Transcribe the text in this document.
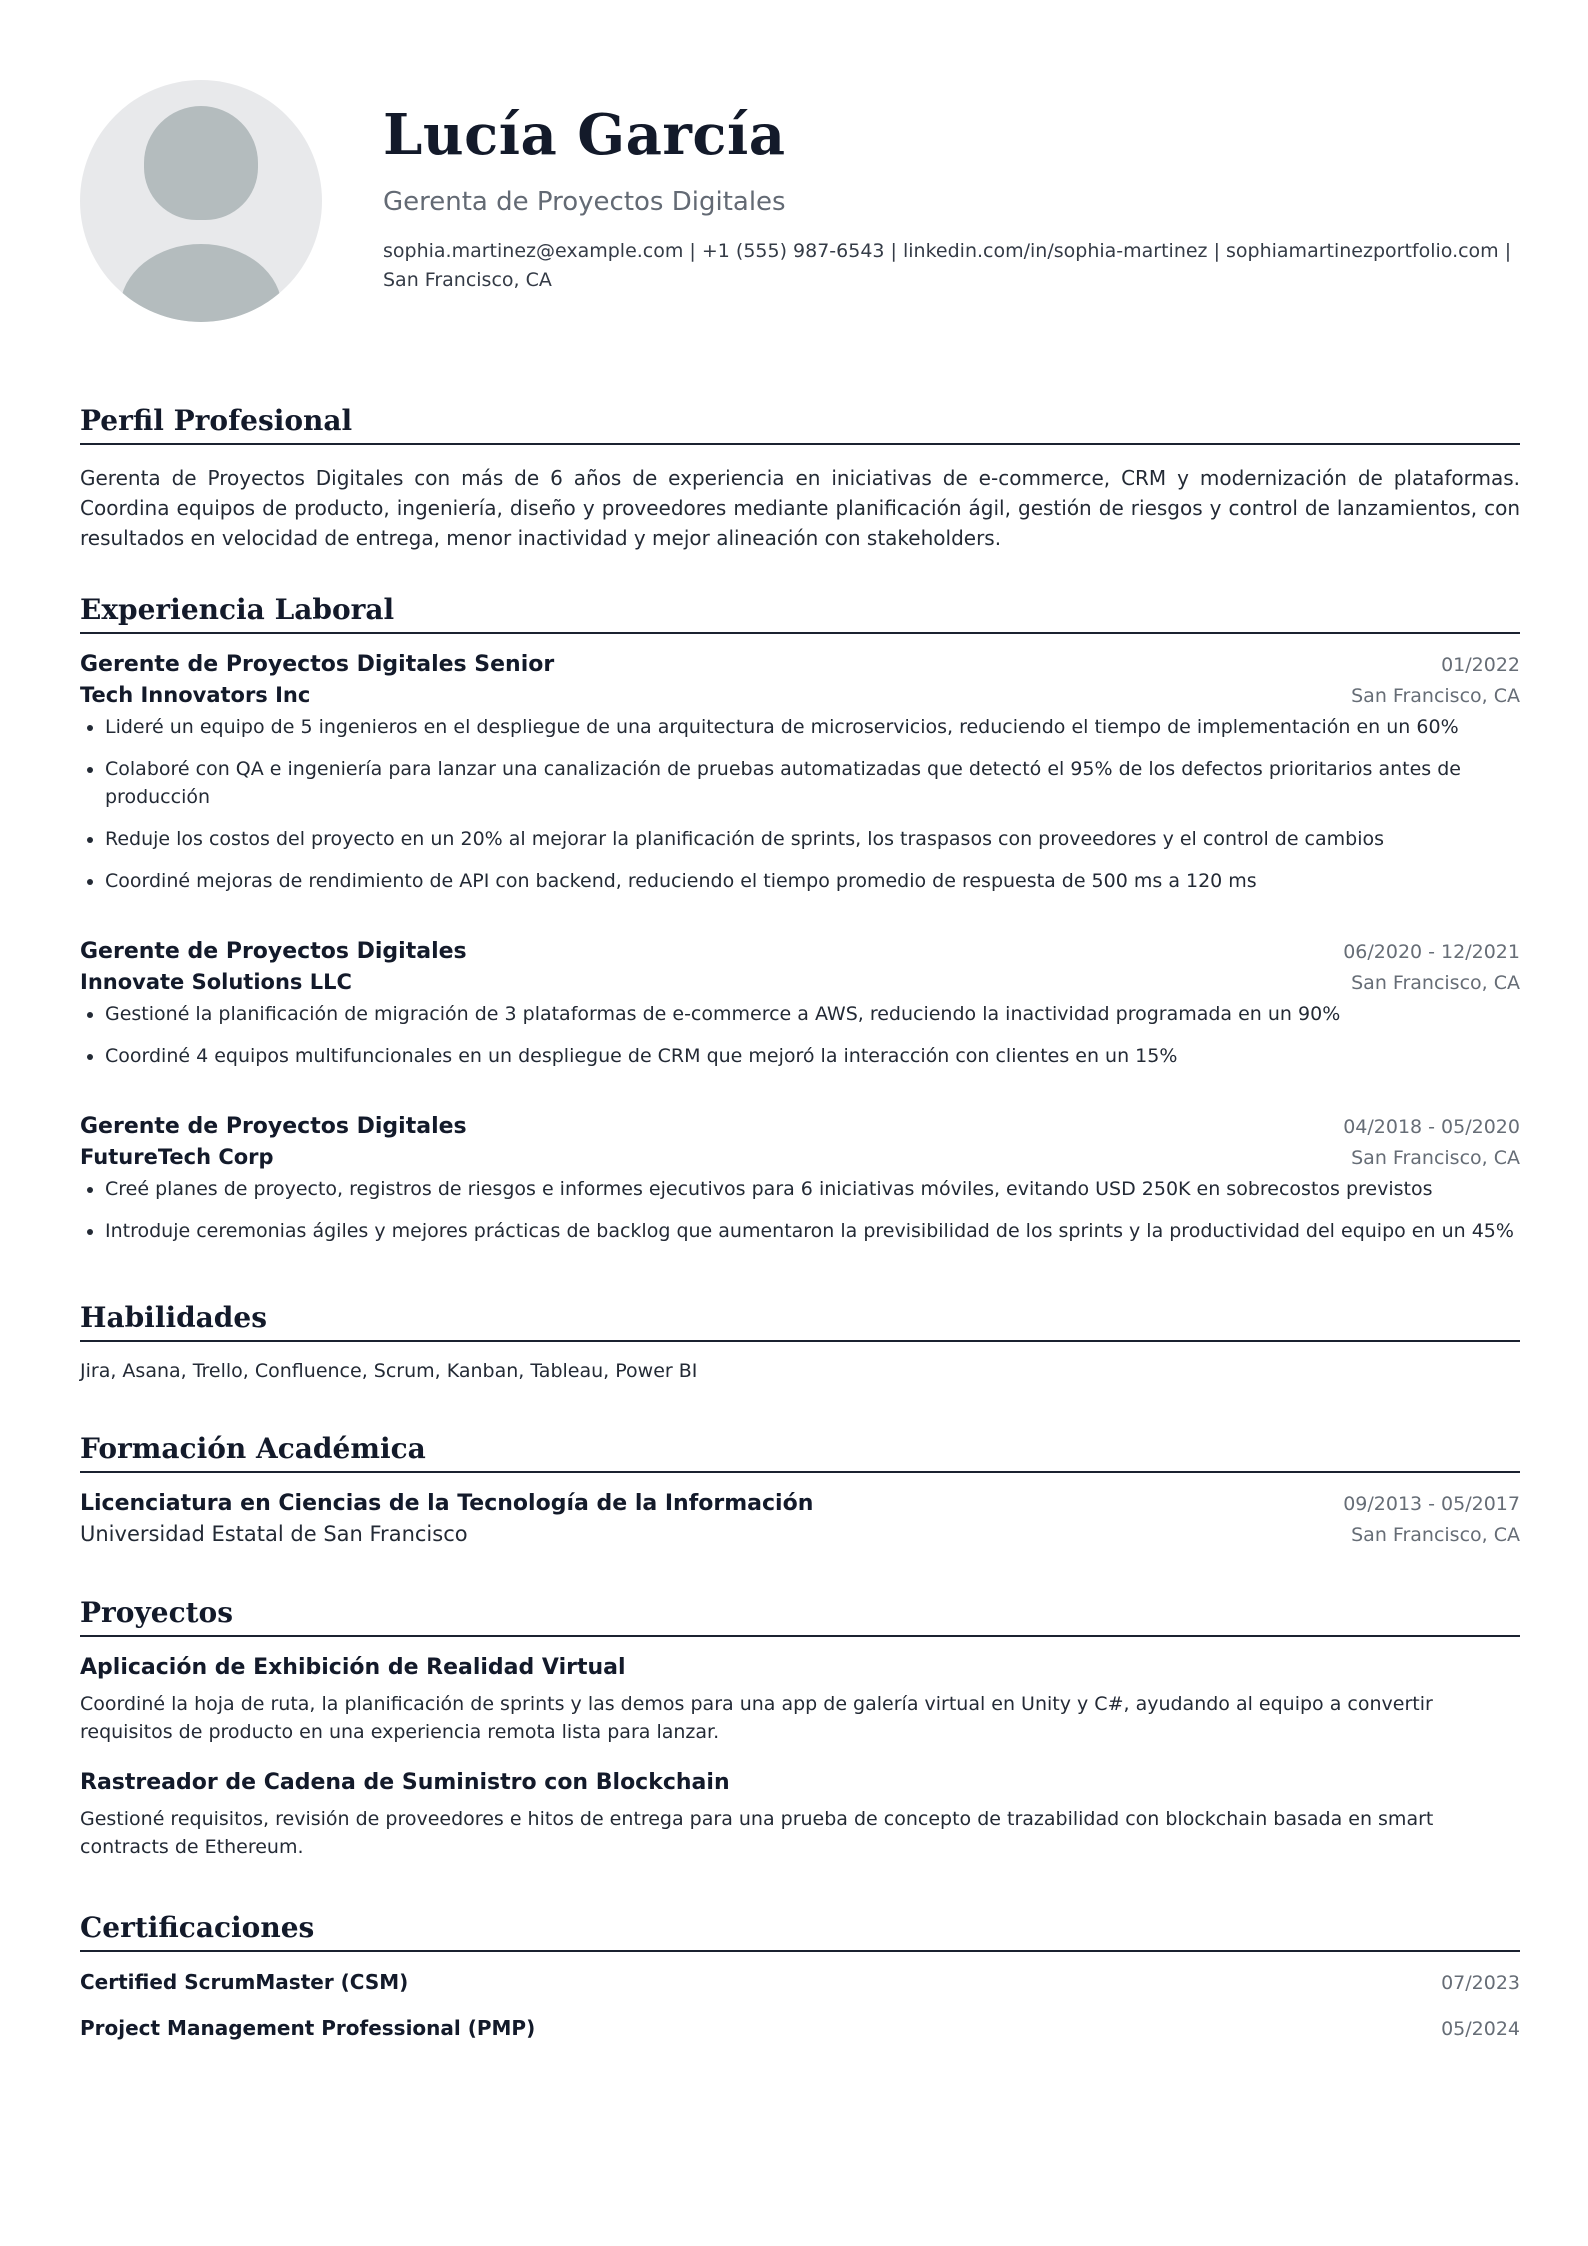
Lucía García
Gerenta de Proyectos Digitales
sophia.martinez@example.com | +1 (555) 987-6543 | linkedin.com/in/sophia-martinez | sophiamartinezportfolio.com | San Francisco, CA
Perfil Profesional
Gerenta de Proyectos Digitales con más de 6 años de experiencia en iniciativas de e-commerce, CRM y modernización de plataformas. Coordina equipos de producto, ingeniería, diseño y proveedores mediante planificación ágil, gestión de riesgos y control de lanzamientos, con resultados en velocidad de entrega, menor inactividad y mejor alineación con stakeholders.
Experiencia Laboral
Gerente de Proyectos Digitales Senior	01/2022
Tech Innovators Inc	San Francisco, CA
• Lideré un equipo de 5 ingenieros en el despliegue de una arquitectura de microservicios, reduciendo el tiempo de implementación en un 60%
• Colaboré con QA e ingeniería para lanzar una canalización de pruebas automatizadas que detectó el 95% de los defectos prioritarios antes de producción
• Reduje los costos del proyecto en un 20% al mejorar la planificación de sprints, los traspasos con proveedores y el control de cambios
• Coordiné mejoras de rendimiento de API con backend, reduciendo el tiempo promedio de respuesta de 500 ms a 120 ms
Gerente de Proyectos Digitales	06/2020 - 12/2021
Innovate Solutions LLC	San Francisco, CA
• Gestioné la planificación de migración de 3 plataformas de e-commerce a AWS, reduciendo la inactividad programada en un 90%
• Coordiné 4 equipos multifuncionales en un despliegue de CRM que mejoró la interacción con clientes en un 15%
Gerente de Proyectos Digitales	04/2018 - 05/2020
FutureTech Corp	San Francisco, CA
• Creé planes de proyecto, registros de riesgos e informes ejecutivos para 6 iniciativas móviles, evitando USD 250K en sobrecostos previstos
• Introduje ceremonias ágiles y mejores prácticas de backlog que aumentaron la previsibilidad de los sprints y la productividad del equipo en un 45%
Habilidades
Jira, Asana, Trello, Confluence, Scrum, Kanban, Tableau, Power BI
Formación Académica
Licenciatura en Ciencias de la Tecnología de la Información	09/2013 - 05/2017
Universidad Estatal de San Francisco	San Francisco, CA
Proyectos
Aplicación de Exhibición de Realidad Virtual
Coordiné la hoja de ruta, la planificación de sprints y las demos para una app de galería virtual en Unity y C#, ayudando al equipo a convertir requisitos de producto en una experiencia remota lista para lanzar.
Rastreador de Cadena de Suministro con Blockchain
Gestioné requisitos, revisión de proveedores e hitos de entrega para una prueba de concepto de trazabilidad con blockchain basada en smart contracts de Ethereum.
Certificaciones
Certified ScrumMaster (CSM)	07/2023
Project Management Professional (PMP)	05/2024
